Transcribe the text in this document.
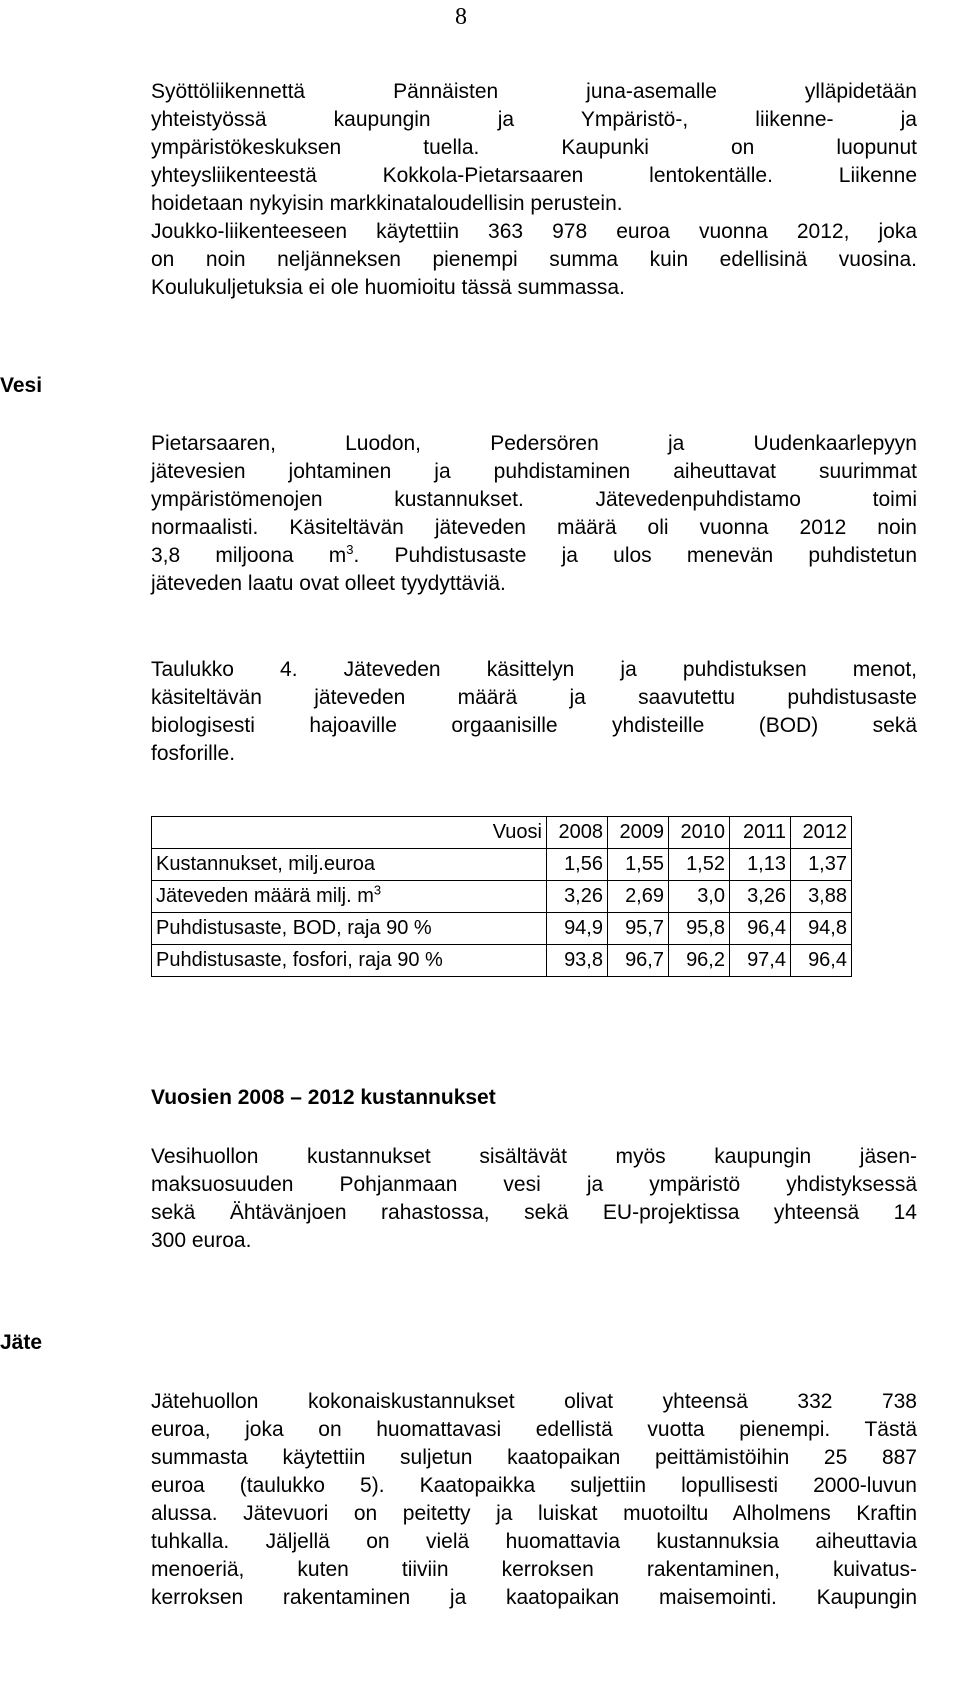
8
Syöttöliikennettä Pännäisten juna-asemalle ylläpidetään
yhteistyössä kaupungin ja Ympäristö-, liikenne- ja
ympäristökeskuksen tuella. Kaupunki on luopunut
yhteysliikenteestä Kokkola-Pietarsaaren lentokentälle. Liikenne
hoidetaan nykyisin markkinataloudellisin perustein.
Joukko-liikenteeseen käytettiin 363 978 euroa vuonna 2012, joka
on noin neljänneksen pienempi summa kuin edellisinä vuosina.
Koulukuljetuksia ei ole huomioitu tässä summassa.
Vesi
Pietarsaaren, Luodon, Pedersören ja Uudenkaarlepyyn
jätevesien johtaminen ja puhdistaminen aiheuttavat suurimmat
ympäristömenojen kustannukset. Jätevedenpuhdistamo toimi
normaalisti. Käsiteltävän jäteveden määrä oli vuonna 2012 noin
3,8 miljoona $m^3$. Puhdistusaste ja ulos menevän puhdistetun
jäteveden laatu ovat olleet tyydyttäviä.
Taulukko 4. Jäteveden käsittelyn ja puhdistuksen menot,
käsiteltävän jäteveden määrä ja saavutettu puhdistusaste
biologisesti hajoaville orgaanisille yhdisteille (BOD) sekä
fosforille.
Vuosi	2008	2009	2010	2011	2012
Kustannukset, milj.euroa	1,56	1,55	1,52	1,13	1,37
Jäteveden määrä milj. $m^3$	3,26	2,69	3,0	3,26	3,88
Puhdistusaste, BOD, raja 90 %	94,9	95,7	95,8	96,4	94,8
Puhdistusaste, fosfori, raja 90 %	93,8	96,7	96,2	97,4	96,4
Vuosien 2008 – 2012 kustannukset
Vesihuollon kustannukset sisältävät myös kaupungin jäsen-
maksuosuuden Pohjanmaan vesi ja ympäristö yhdistyksessä
sekä Ähtävänjoen rahastossa, sekä EU-projektissa yhteensä 14
300 euroa.
Jäte
Jätehuollon kokonaiskustannukset olivat yhteensä 332 738
euroa, joka on huomattavasi edellistä vuotta pienempi. Tästä
summasta käytettiin suljetun kaatopaikan peittämistöihin 25 887
euroa (taulukko 5). Kaatopaikka suljettiin lopullisesti 2000-luvun
alussa. Jätevuori on peitetty ja luiskat muotoiltu Alholmens Kraftin
tuhkalla. Jäljellä on vielä huomattavia kustannuksia aiheuttavia
menoeriä, kuten tiiviin kerroksen rakentaminen, kuivatus-
kerroksen rakentaminen ja kaatopaikan maisemointi. Kaupungin
